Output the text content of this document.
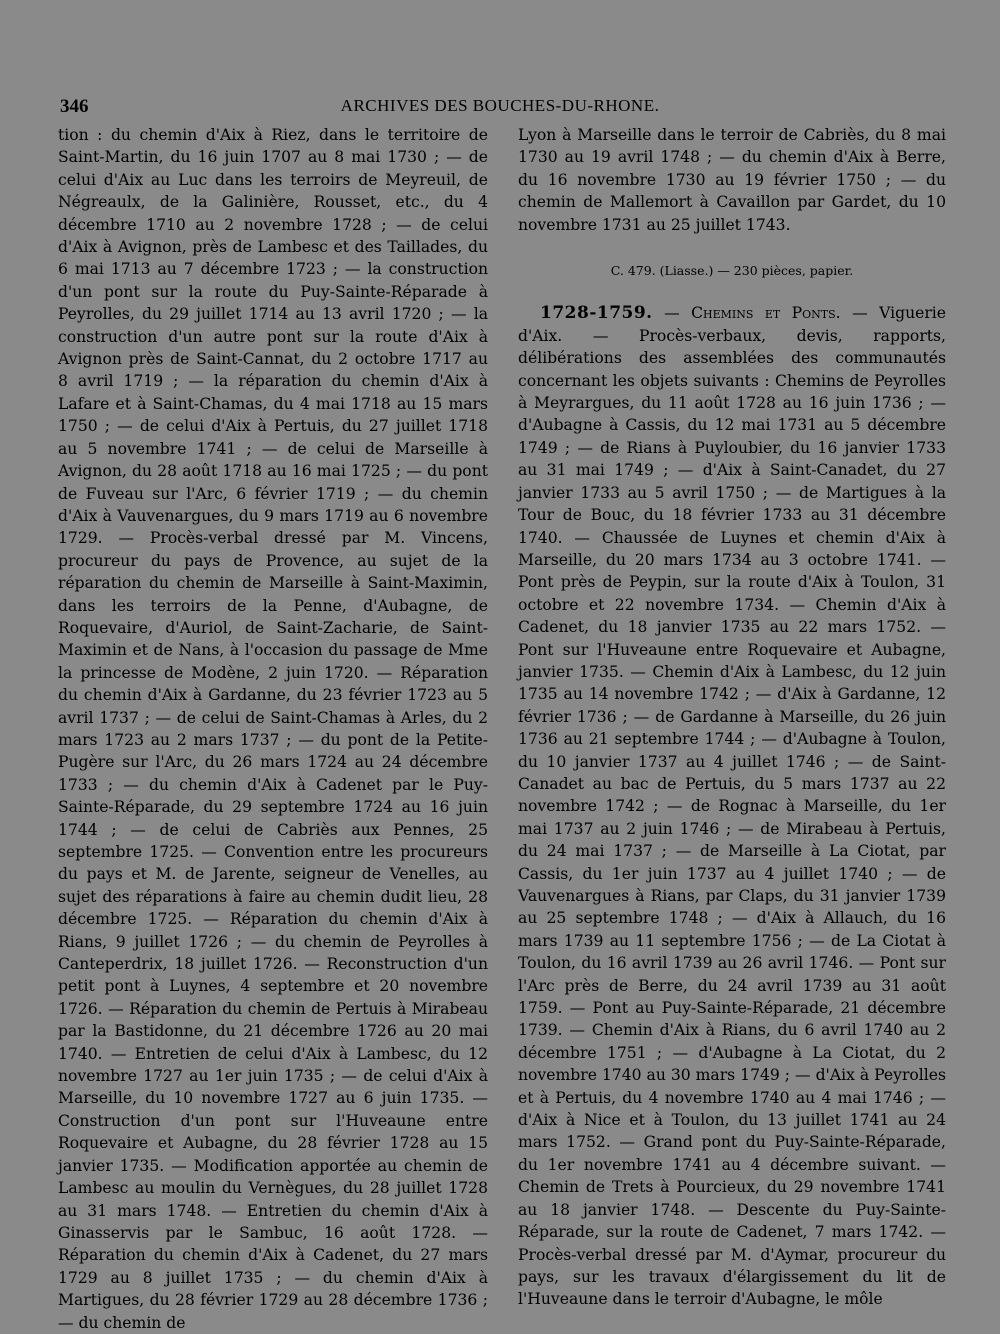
346	ARCHIVES DES BOUCHES-DU-RHONE.

tion : du chemin d'Aix à Riez, dans le territoire de Saint-Martin, du 16 juin 1707 au 8 mai 1730 ; — de celui d'Aix au Luc dans les terroirs de Meyreuil, de Négreaulx, de la Galinière, Rousset, etc., du 4 décembre 1710 au 2 novembre 1728 ; — de celui d'Aix à Avignon, près de Lambesc et des Taillades, du 6 mai 1713 au 7 décembre 1723 ; — la construction d'un pont sur la route du Puy-Sainte-Réparade à Peyrolles, du 29 juillet 1714 au 13 avril 1720 ; — la construction d'un autre pont sur la route d'Aix à Avignon près de Saint-Cannat, du 2 octobre 1717 au 8 avril 1719 ; — la réparation du chemin d'Aix à Lafare et à Saint-Chamas, du 4 mai 1718 au 15 mars 1750 ; — de celui d'Aix à Pertuis, du 27 juillet 1718 au 5 novembre 1741 ; — de celui de Marseille à Avignon, du 28 août 1718 au 16 mai 1725 ; — du pont de Fuveau sur l'Arc, 6 février 1719 ; — du chemin d'Aix à Vauvenargues, du 9 mars 1719 au 6 novembre 1729. — Procès-verbal dressé par M. Vincens, procureur du pays de Provence, au sujet de la réparation du chemin de Marseille à Saint-Maximin, dans les terroirs de la Penne, d'Aubagne, de Roquevaire, d'Auriol, de Saint-Zacharie, de Saint-Maximin et de Nans, à l'occasion du passage de Mme la princesse de Modène, 2 juin 1720. — Réparation du chemin d'Aix à Gardanne, du 23 février 1723 au 5 avril 1737 ; — de celui de Saint-Chamas à Arles, du 2 mars 1723 au 2 mars 1737 ; — du pont de la Petite-Pugère sur l'Arc, du 26 mars 1724 au 24 décembre 1733 ; — du chemin d'Aix à Cadenet par le Puy-Sainte-Réparade, du 29 septembre 1724 au 16 juin 1744 ; — de celui de Cabriès aux Pennes, 25 septembre 1725. — Convention entre les procureurs du pays et M. de Jarente, seigneur de Venelles, au sujet des réparations à faire au chemin dudit lieu, 28 décembre 1725. — Réparation du chemin d'Aix à Rians, 9 juillet 1726 ; — du chemin de Peyrolles à Canteperdrix, 18 juillet 1726. — Reconstruction d'un petit pont à Luynes, 4 septembre et 20 novembre 1726. — Réparation du chemin de Pertuis à Mirabeau par la Bastidonne, du 21 décembre 1726 au 20 mai 1740. — Entretien de celui d'Aix à Lambesc, du 12 novembre 1727 au 1er juin 1735 ; — de celui d'Aix à Marseille, du 10 novembre 1727 au 6 juin 1735. — Construction d'un pont sur l'Huveaune entre Roquevaire et Aubagne, du 28 février 1728 au 15 janvier 1735. — Modification apportée au chemin de Lambesc au moulin du Vernègues, du 28 juillet 1728 au 31 mars 1748. — Entretien du chemin d'Aix à Ginasservis par le Sambuc, 16 août 1728. — Réparation du chemin d'Aix à Cadenet, du 27 mars 1729 au 8 juillet 1735 ; — du chemin d'Aix à Martigues, du 28 février 1729 au 28 décembre 1736 ; — du chemin de

Lyon à Marseille dans le terroir de Cabriès, du 8 mai 1730 au 19 avril 1748 ; — du chemin d'Aix à Berre, du 16 novembre 1730 au 19 février 1750 ; — du chemin de Mallemort à Cavaillon par Gardet, du 10 novembre 1731 au 25 juillet 1743.

C. 479. (Liasse.) — 230 pièces, papier.

1728-1759. — Chemins et Ponts. — Viguerie d'Aix. — Procès-verbaux, devis, rapports, délibérations des assemblées des communautés concernant les objets suivants : Chemins de Peyrolles à Meyrargues, du 11 août 1728 au 16 juin 1736 ; — d'Aubagne à Cassis, du 12 mai 1731 au 5 décembre 1749 ; — de Rians à Puyloubier, du 16 janvier 1733 au 31 mai 1749 ; — d'Aix à Saint-Canadet, du 27 janvier 1733 au 5 avril 1750 ; — de Martigues à la Tour de Bouc, du 18 février 1733 au 31 décembre 1740. — Chaussée de Luynes et chemin d'Aix à Marseille, du 20 mars 1734 au 3 octobre 1741. — Pont près de Peypin, sur la route d'Aix à Toulon, 31 octobre et 22 novembre 1734. — Chemin d'Aix à Cadenet, du 18 janvier 1735 au 22 mars 1752. — Pont sur l'Huveaune entre Roquevaire et Aubagne, janvier 1735. — Chemin d'Aix à Lambesc, du 12 juin 1735 au 14 novembre 1742 ; — d'Aix à Gardanne, 12 février 1736 ; — de Gardanne à Marseille, du 26 juin 1736 au 21 septembre 1744 ; — d'Aubagne à Toulon, du 10 janvier 1737 au 4 juillet 1746 ; — de Saint-Canadet au bac de Pertuis, du 5 mars 1737 au 22 novembre 1742 ; — de Rognac à Marseille, du 1er mai 1737 au 2 juin 1746 ; — de Mirabeau à Pertuis, du 24 mai 1737 ; — de Marseille à La Ciotat, par Cassis, du 1er juin 1737 au 4 juillet 1740 ; — de Vauvenargues à Rians, par Claps, du 31 janvier 1739 au 25 septembre 1748 ; — d'Aix à Allauch, du 16 mars 1739 au 11 septembre 1756 ; — de La Ciotat à Toulon, du 16 avril 1739 au 26 avril 1746. — Pont sur l'Arc près de Berre, du 24 avril 1739 au 31 août 1759. — Pont au Puy-Sainte-Réparade, 21 décembre 1739. — Chemin d'Aix à Rians, du 6 avril 1740 au 2 décembre 1751 ; — d'Aubagne à La Ciotat, du 2 novembre 1740 au 30 mars 1749 ; — d'Aix à Peyrolles et à Pertuis, du 4 novembre 1740 au 4 mai 1746 ; — d'Aix à Nice et à Toulon, du 13 juillet 1741 au 24 mars 1752. — Grand pont du Puy-Sainte-Réparade, du 1er novembre 1741 au 4 décembre suivant. — Chemin de Trets à Pourcieux, du 29 novembre 1741 au 18 janvier 1748. — Descente du Puy-Sainte-Réparade, sur la route de Cadenet, 7 mars 1742. — Procès-verbal dressé par M. d'Aymar, procureur du pays, sur les travaux d'élargissement du lit de l'Huveaune dans le terroir d'Aubagne, le môle
